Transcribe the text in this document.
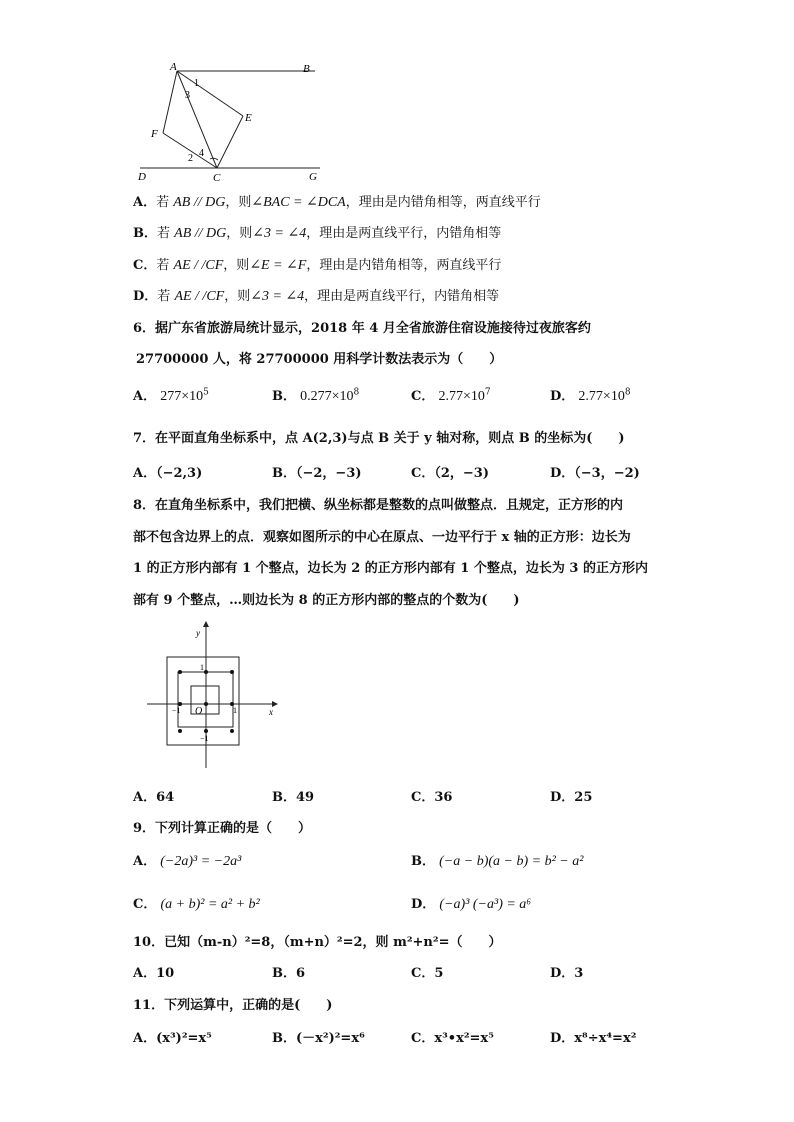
A	B
D	G
C
E
F
1
3
4
2
A．若 AB // DG，则∠BAC = ∠DCA，理由是内错角相等，两直线平行
B．若 AB // DG，则∠3 = ∠4，理由是两直线平行，内错角相等
C．若 AE / /CF，则∠E = ∠F，理由是内错角相等，两直线平行
D．若 AE / /CF，则∠3 = ∠4，理由是两直线平行，内错角相等
6．据广东省旅游局统计显示，2018 年 4 月全省旅游住宿设施接待过夜旅客约
27700000 人，将 27700000 用科学计数法表示为（　　）
A． $277\times 10^5$	B． $0.277\times 10^8$	C． $2.77\times 10^7$	D． $2.77\times 10^8$
7．在平面直角坐标系中，点 A(2,3)与点 B 关于 y 轴对称，则点 B 的坐标为(　　)
A．（−2,3)	B．（−2，−3)	C．（2，−3)	D．（−3，−2)
8．在直角坐标系中，我们把横、纵坐标都是整数的点叫做整点．且规定，正方形的内
部不包含边界上的点．观察如图所示的中心在原点、一边平行于 x 轴的正方形：边长为
1 的正方形内部有 1 个整点，边长为 2 的正方形内部有 1 个整点，边长为 3 的正方形内
部有 9 个整点，…则边长为 8 的正方形内部的整点的个数为(　　)
y
x
O
1
−1	1
−1
A．64	B．49	C．36	D．25
9．下列计算正确的是（　　）
A． (−2a)³ = −2a³	B． (−a − b)(a − b) = b² − a²
C． (a + b)² = a² + b²	D． (−a)³ (−a³) = a⁶
10．已知（m-n）²=8，（m+n）²=2，则 m²+n²=（　　）
A．10	B．6	C．5	D．3
11．下列运算中，正确的是(　　)
A．(x³)²=x⁵	B．(－x²)²=x⁶	C．x³•x²=x⁵	D．x⁸÷x⁴=x²
